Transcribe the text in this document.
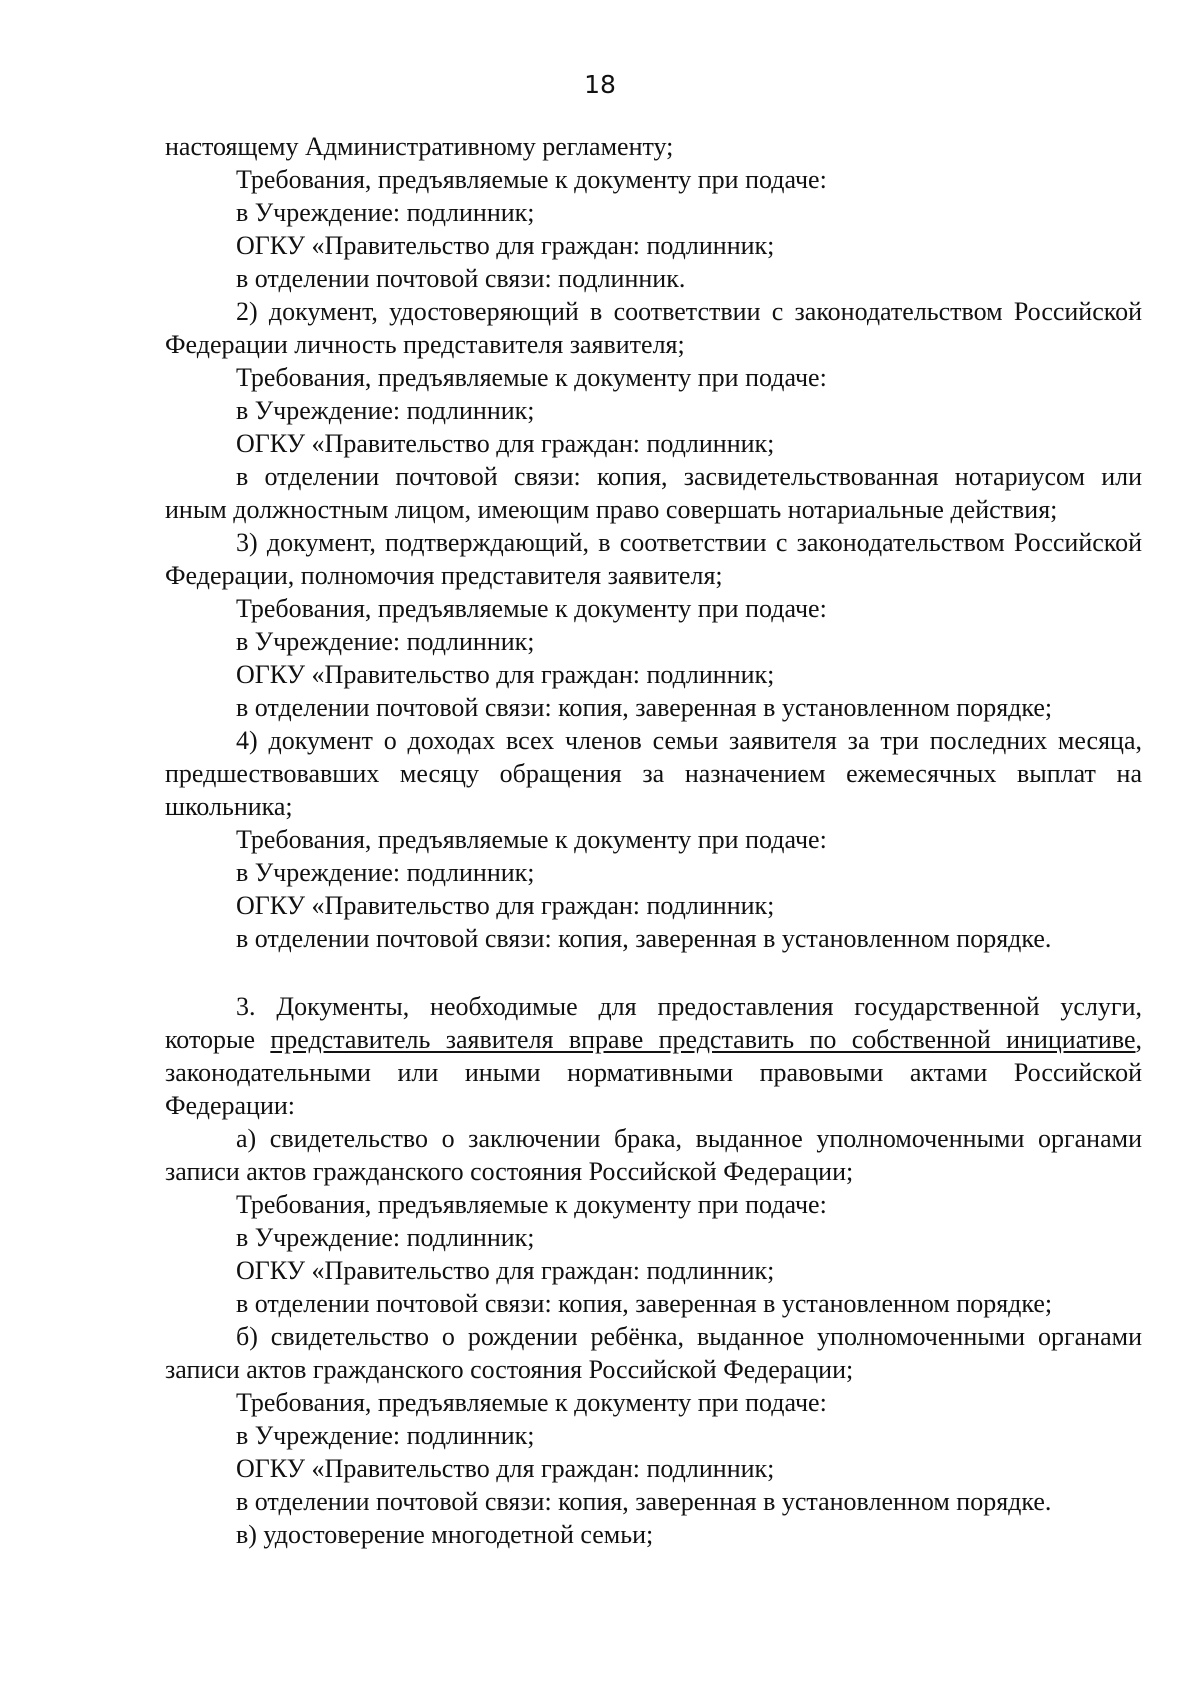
18

настоящему Административному регламенту;

Требования, предъявляемые к документу при подаче:

в Учреждение: подлинник;

ОГКУ «Правительство для граждан: подлинник;

в отделении почтовой связи: подлинник.

2) документ, удостоверяющий в соответствии с законодательством Российской Федерации личность представителя заявителя;

Требования, предъявляемые к документу при подаче:

в Учреждение: подлинник;

ОГКУ «Правительство для граждан: подлинник;

в отделении почтовой связи: копия, засвидетельствованная нотариусом или иным должностным лицом, имеющим право совершать нотариальные действия;

3) документ, подтверждающий, в соответствии с законодательством Российской Федерации, полномочия представителя заявителя;

Требования, предъявляемые к документу при подаче:

в Учреждение: подлинник;

ОГКУ «Правительство для граждан: подлинник;

в отделении почтовой связи: копия, заверенная в установленном порядке;

4) документ о доходах всех членов семьи заявителя за три последних месяца, предшествовавших месяцу обращения за назначением ежемесячных выплат на школьника;

Требования, предъявляемые к документу при подаче:

в Учреждение: подлинник;

ОГКУ «Правительство для граждан: подлинник;

в отделении почтовой связи: копия, заверенная в установленном порядке.

3. Документы, необходимые для предоставления государственной услуги, которые представитель заявителя вправе представить по собственной инициативе, законодательными или иными нормативными правовыми актами Российской Федерации:

а) свидетельство о заключении брака, выданное уполномоченными органами записи актов гражданского состояния Российской Федерации;

Требования, предъявляемые к документу при подаче:

в Учреждение: подлинник;

ОГКУ «Правительство для граждан: подлинник;

в отделении почтовой связи: копия, заверенная в установленном порядке;

б) свидетельство о рождении ребёнка, выданное уполномоченными органами записи актов гражданского состояния Российской Федерации;

Требования, предъявляемые к документу при подаче:

в Учреждение: подлинник;

ОГКУ «Правительство для граждан: подлинник;

в отделении почтовой связи: копия, заверенная в установленном порядке.

в) удостоверение многодетной семьи;
